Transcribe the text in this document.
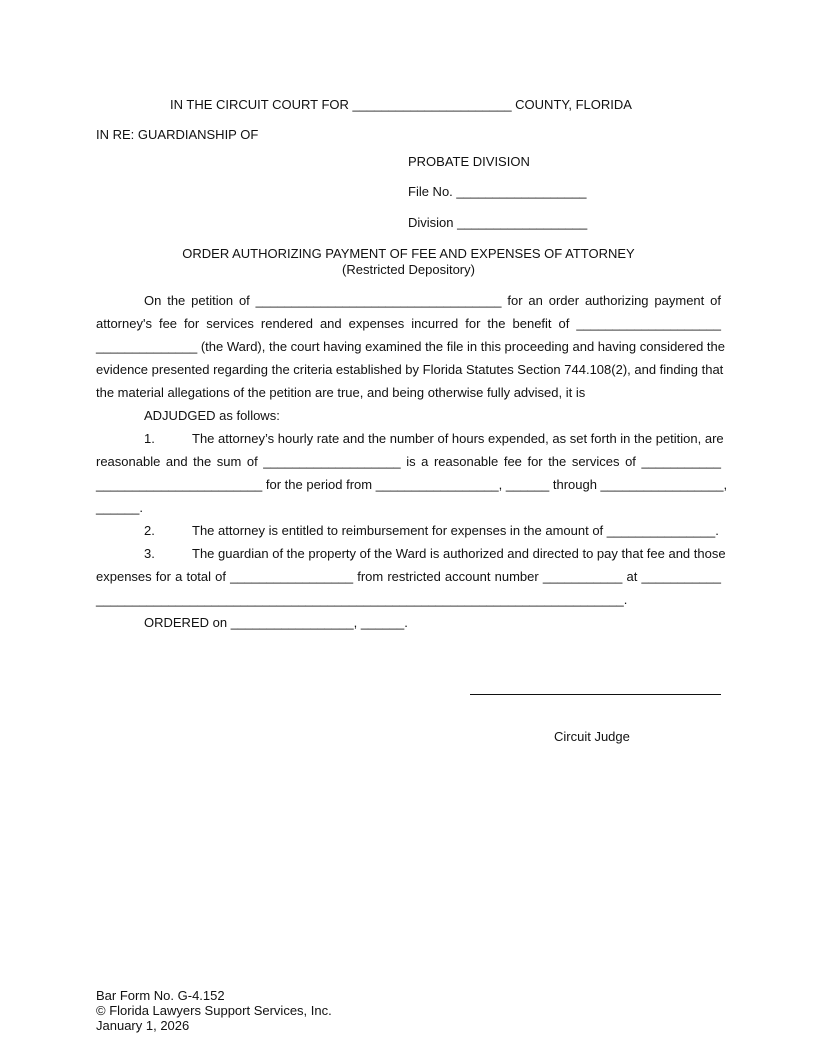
IN THE CIRCUIT COURT FOR ______________________ COUNTY, FLORIDA
IN RE: GUARDIANSHIP OF
PROBATE DIVISION
File No. __________________
Division __________________
ORDER AUTHORIZING PAYMENT OF FEE AND EXPENSES OF ATTORNEY
(Restricted Depository)
On the petition of __________________________________ for an order authorizing payment of
attorney's fee for services rendered and expenses incurred for the benefit of ____________________
______________ (the Ward), the court having examined the file in this proceeding and having considered the
evidence presented regarding the criteria established by Florida Statutes Section 744.108(2), and finding that
the material allegations of the petition are true, and being otherwise fully advised, it is
ADJUDGED as follows:
1.	The attorney’s hourly rate and the number of hours expended, as set forth in the petition, are
reasonable and the sum of ___________________ is a reasonable fee for the services of ___________
_______________________ for the period from _________________, ______ through _________________,
______.
2.	The attorney is entitled to reimbursement for expenses in the amount of _______________.
3.	The guardian of the property of the Ward is authorized and directed to pay that fee and those
expenses for a total of _________________ from restricted account number ___________ at ___________
_________________________________________________________________________.
ORDERED on _________________, ______.
Circuit Judge
Bar Form No. G-4.152
© Florida Lawyers Support Services, Inc.
January 1, 2026
